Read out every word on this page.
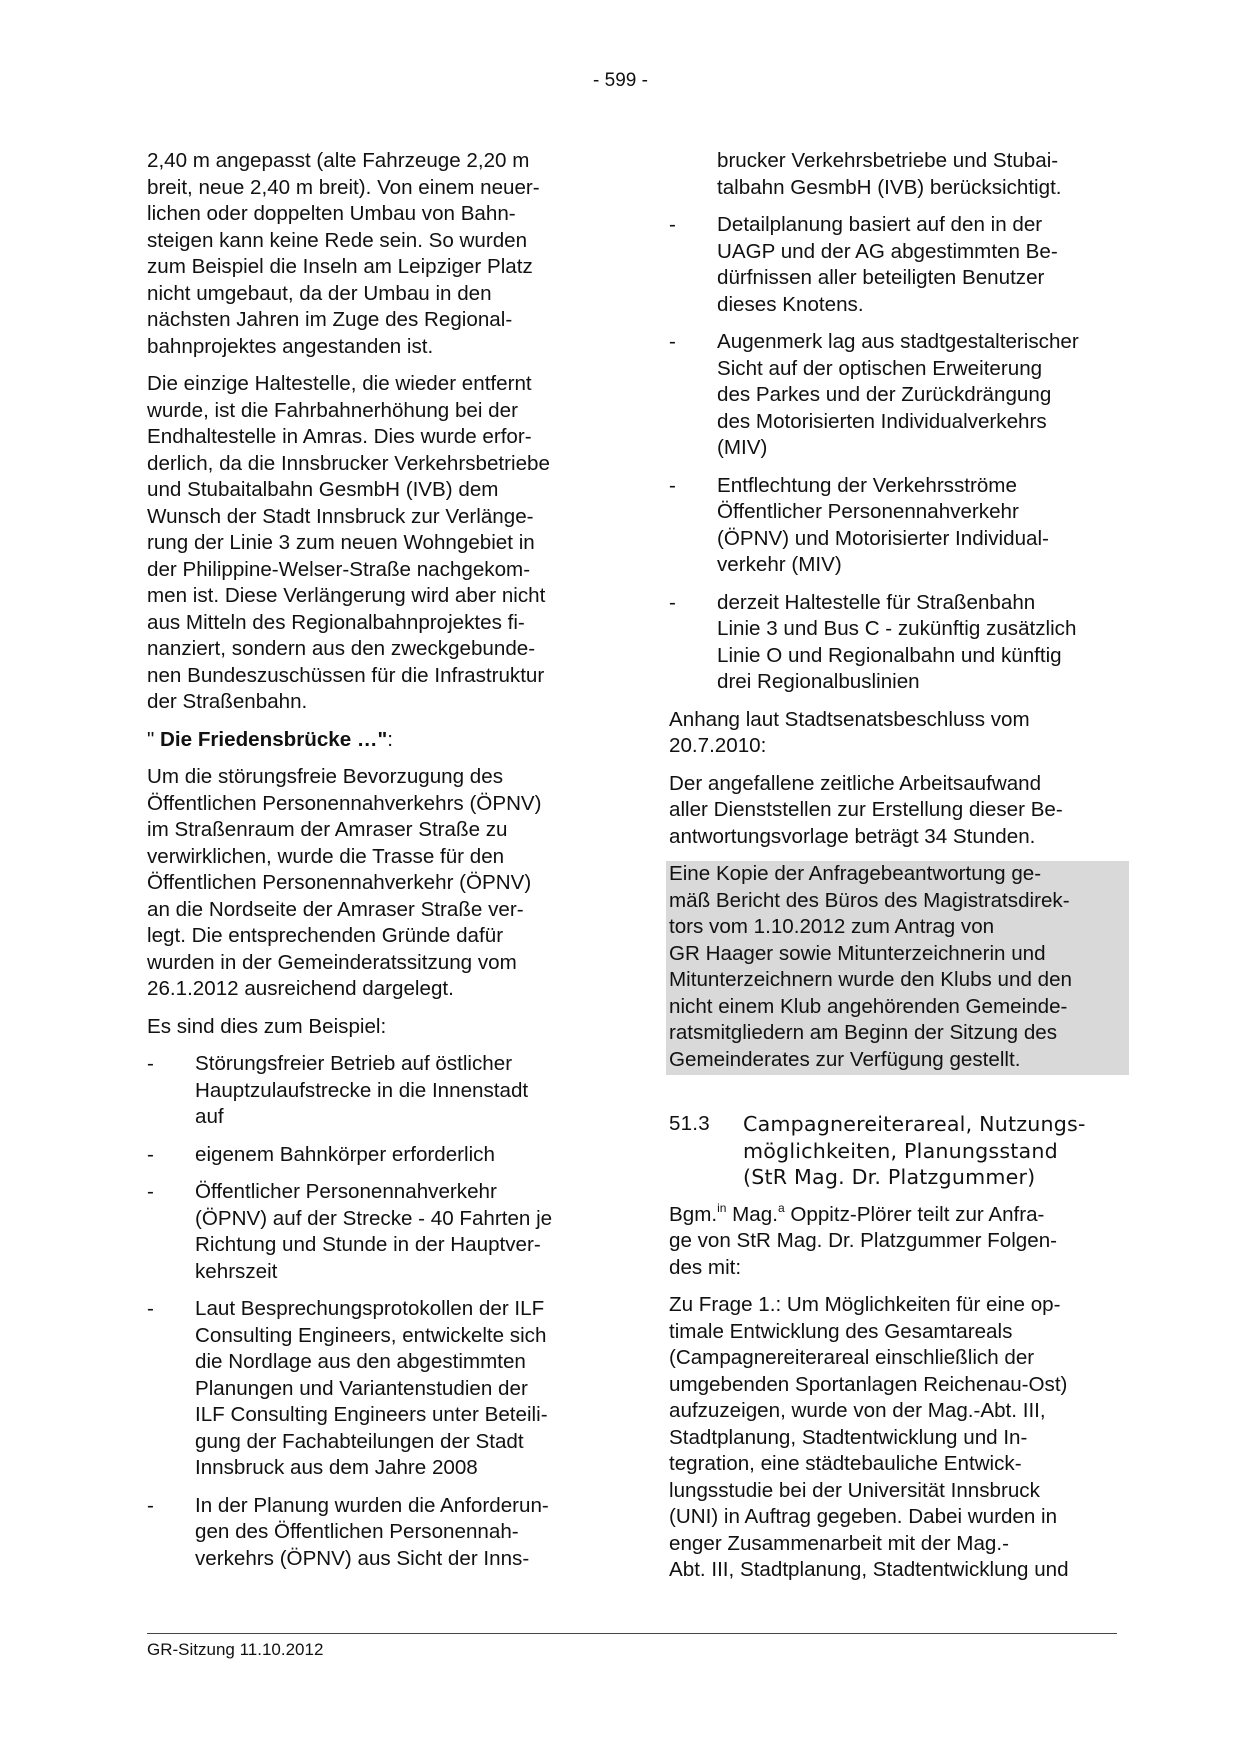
- 599 -
2,40 m angepasst (alte Fahrzeuge 2,20 m
breit, neue 2,40 m breit). Von einem neuer-
lichen oder doppelten Umbau von Bahn-
steigen kann keine Rede sein. So wurden
zum Beispiel die Inseln am Leipziger Platz
nicht umgebaut, da der Umbau in den
nächsten Jahren im Zuge des Regional-
bahnprojektes angestanden ist.
Die einzige Haltestelle, die wieder entfernt
wurde, ist die Fahrbahnerhöhung bei der
Endhaltestelle in Amras. Dies wurde erfor-
derlich, da die Innsbrucker Verkehrsbetriebe
und Stubaitalbahn GesmbH (IVB) dem
Wunsch der Stadt Innsbruck zur Verlänge-
rung der Linie 3 zum neuen Wohngebiet in
der Philippine-Welser-Straße nachgekom-
men ist. Diese Verlängerung wird aber nicht
aus Mitteln des Regionalbahnprojektes fi-
nanziert, sondern aus den zweckgebunde-
nen Bundeszuschüssen für die Infrastruktur
der Straßenbahn.
" Die Friedensbrücke …":
Um die störungsfreie Bevorzugung des
Öffentlichen Personennahverkehrs (ÖPNV)
im Straßenraum der Amraser Straße zu
verwirklichen, wurde die Trasse für den
Öffentlichen Personennahverkehr (ÖPNV)
an die Nordseite der Amraser Straße ver-
legt. Die entsprechenden Gründe dafür
wurden in der Gemeinderatssitzung vom
26.1.2012 ausreichend dargelegt.
Es sind dies zum Beispiel:
- Störungsfreier Betrieb auf östlicher
Hauptzulaufstrecke in die Innenstadt
auf
- eigenem Bahnkörper erforderlich
- Öffentlicher Personennahverkehr
(ÖPNV) auf der Strecke - 40 Fahrten je
Richtung und Stunde in der Hauptver-
kehrszeit
- Laut Besprechungsprotokollen der ILF
Consulting Engineers, entwickelte sich
die Nordlage aus den abgestimmten
Planungen und Variantenstudien der
ILF Consulting Engineers unter Beteili-
gung der Fachabteilungen der Stadt
Innsbruck aus dem Jahre 2008
- In der Planung wurden die Anforderun-
gen des Öffentlichen Personennah-
verkehrs (ÖPNV) aus Sicht der Inns-
brucker Verkehrsbetriebe und Stubai-
talbahn GesmbH (IVB) berücksichtigt.
- Detailplanung basiert auf den in der
UAGP und der AG abgestimmten Be-
dürfnissen aller beteiligten Benutzer
dieses Knotens.
- Augenmerk lag aus stadtgestalterischer
Sicht auf der optischen Erweiterung
des Parkes und der Zurückdrängung
des Motorisierten Individualverkehrs
(MIV)
- Entflechtung der Verkehrsströme
Öffentlicher Personennahverkehr
(ÖPNV) und Motorisierter Individual-
verkehr (MIV)
- derzeit Haltestelle für Straßenbahn
Linie 3 und Bus C - zukünftig zusätzlich
Linie O und Regionalbahn und künftig
drei Regionalbuslinien
Anhang laut Stadtsenatsbeschluss vom
20.7.2010:
Der angefallene zeitliche Arbeitsaufwand
aller Dienststellen zur Erstellung dieser Be-
antwortungsvorlage beträgt 34 Stunden.
Eine Kopie der Anfragebeantwortung ge-
mäß Bericht des Büros des Magistratsdirek-
tors vom 1.10.2012 zum Antrag von
GR Haager sowie Mitunterzeichnerin und
Mitunterzeichnern wurde den Klubs und den
nicht einem Klub angehörenden Gemeinde-
ratsmitgliedern am Beginn der Sitzung des
Gemeinderates zur Verfügung gestellt.
51.3 Campagnereiterareal, Nutzungs-
möglichkeiten, Planungsstand
(StR Mag. Dr. Platzgummer)
Bgm.$^{in}$ Mag.$^a$ Oppitz-Plörer teilt zur Anfra-
ge von StR Mag. Dr. Platzgummer Folgen-
des mit:
Zu Frage 1.: Um Möglichkeiten für eine op-
timale Entwicklung des Gesamtareals
(Campagnereiterareal einschließlich der
umgebenden Sportanlagen Reichenau-Ost)
aufzuzeigen, wurde von der Mag.-Abt. III,
Stadtplanung, Stadtentwicklung und In-
tegration, eine städtebauliche Entwick-
lungsstudie bei der Universität Innsbruck
(UNI) in Auftrag gegeben. Dabei wurden in
enger Zusammenarbeit mit der Mag.-
Abt. III, Stadtplanung, Stadtentwicklung und
GR-Sitzung 11.10.2012
